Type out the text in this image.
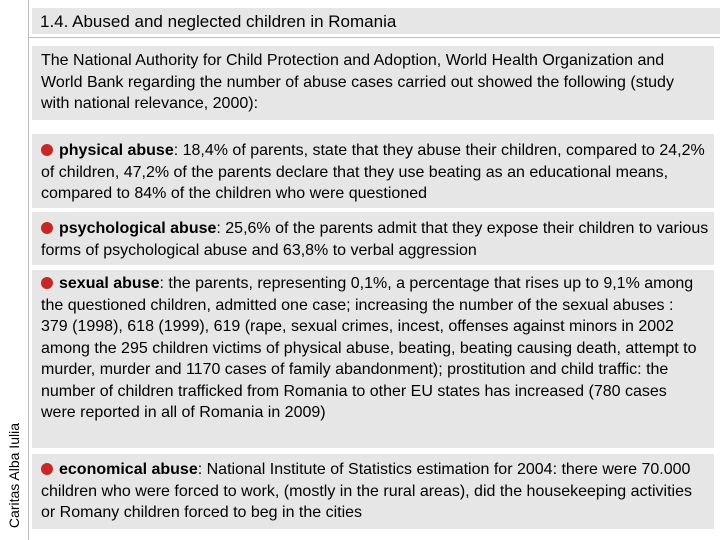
1.4. Abused and neglected children in Romania
Caritas Alba Iulia

The National Authority for Child Protection and Adoption, World Health Organization and World Bank regarding the number of abuse cases carried out showed the following (study with national relevance, 2000):

physical abuse: 18,4% of parents, state that they abuse their children, compared to 24,2% of children, 47,2% of the parents declare that they use beating as an educational means, compared to 84% of the children who were questioned

psychological abuse: 25,6% of the parents admit that they expose their children to various forms of psychological abuse and 63,8% to verbal aggression

sexual abuse: the parents, representing 0,1%, a percentage that rises up to 9,1% among the questioned children, admitted one case; increasing the number of the sexual abuses : 379 (1998), 618 (1999), 619 (rape, sexual crimes, incest, offenses against minors in 2002 among the 295 children victims of physical abuse, beating, beating causing death, attempt to murder, murder and 1170 cases of family abandonment); prostitution and child traffic: the number of children trafficked from Romania to other EU states has increased (780 cases were reported in all of Romania in 2009)

economical abuse: National Institute of Statistics estimation for 2004: there were 70.000 children who were forced to work, (mostly in the rural areas), did the housekeeping activities or Romany children forced to beg in the cities
